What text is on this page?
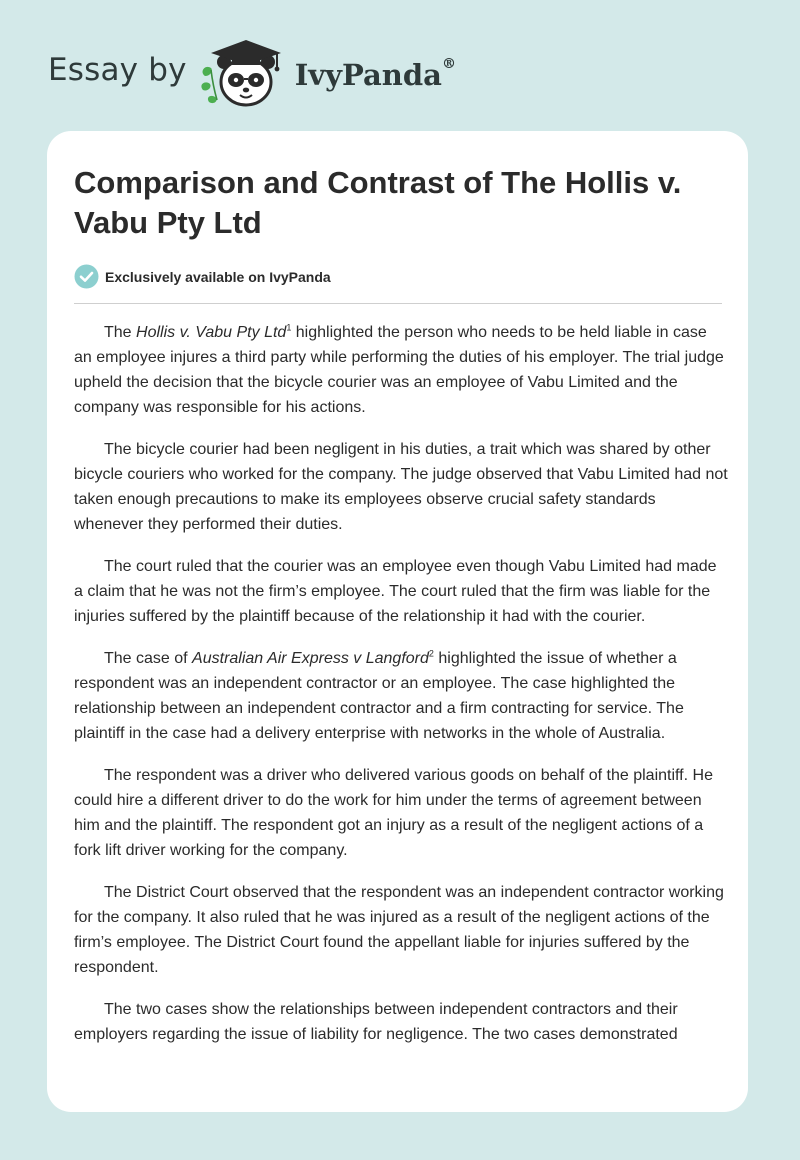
Essay by	IvyPanda®
Comparison and Contrast of The Hollis v. Vabu Pty Ltd
Exclusively available on IvyPanda

The Hollis v. Vabu Pty Ltd$^1$ highlighted the person who needs to be held liable in case an employee injures a third party while performing the duties of his employer. The trial judge upheld the decision that the bicycle courier was an employee of Vabu Limited and the company was responsible for his actions.

The bicycle courier had been negligent in his duties, a trait which was shared by other bicycle couriers who worked for the company. The judge observed that Vabu Limited had not taken enough precautions to make its employees observe crucial safety standards whenever they performed their duties.

The court ruled that the courier was an employee even though Vabu Limited had made a claim that he was not the firm’s employee. The court ruled that the firm was liable for the injuries suffered by the plaintiff because of the relationship it had with the courier.

The case of Australian Air Express v Langford$^2$ highlighted the issue of whether a respondent was an independent contractor or an employee. The case highlighted the relationship between an independent contractor and a firm contracting for service. The plaintiff in the case had a delivery enterprise with networks in the whole of Australia.

The respondent was a driver who delivered various goods on behalf of the plaintiff. He could hire a different driver to do the work for him under the terms of agreement between him and the plaintiff. The respondent got an injury as a result of the negligent actions of a fork lift driver working for the company.

The District Court observed that the respondent was an independent contractor working for the company. It also ruled that he was injured as a result of the negligent actions of the firm’s employee. The District Court found the appellant liable for injuries suffered by the respondent.

The two cases show the relationships between independent contractors and their employers regarding the issue of liability for negligence. The two cases demonstrated
